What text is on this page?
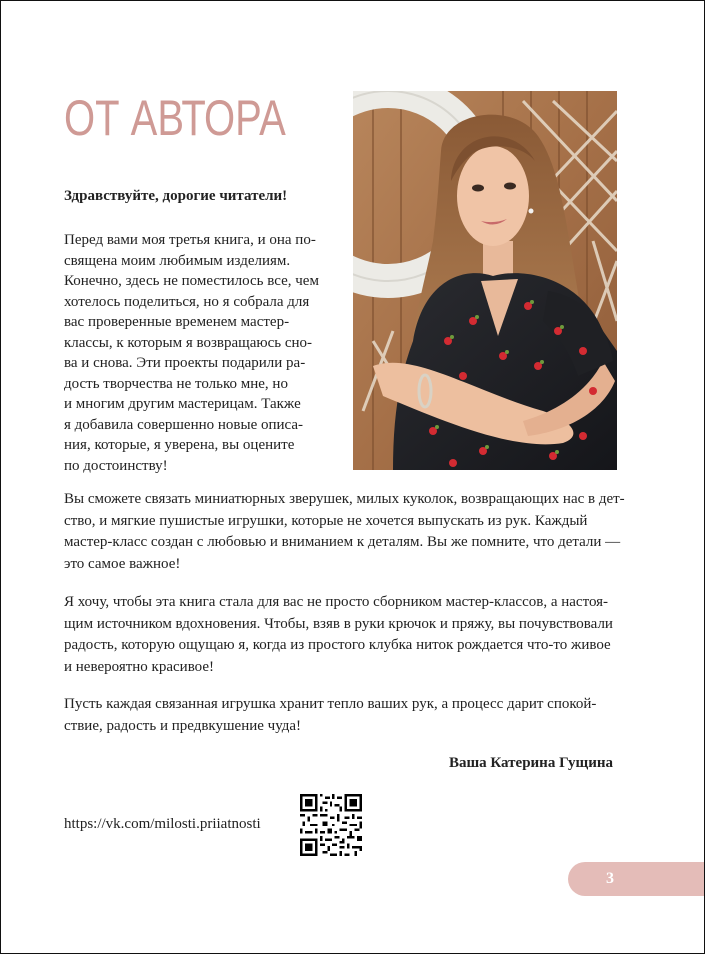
ОТ АВТОРА
Здравствуйте, дорогие читатели!
Перед вами моя третья книга, и она по-
священа моим любимым изделиям.
Конечно, здесь не поместилось все, чем
хотелось поделиться, но я собрала для
вас проверенные временем мастер-
классы, к которым я возвращаюсь сно-
ва и снова. Эти проекты подарили ра-
дость творчества не только мне, но
и многим другим мастерицам. Также
я добавила совершенно новые описа-
ния, которые, я уверена, вы оцените
по достоинству!
Вы сможете связать миниатюрных зверушек, милых куколок, возвращающих нас в дет-
ство, и мягкие пушистые игрушки, которые не хочется выпускать из рук. Каждый
мастер-класс создан с любовью и вниманием к деталям. Вы же помните, что детали —
это самое важное!
Я хочу, чтобы эта книга стала для вас не просто сборником мастер-классов, а настоя-
щим источником вдохновения. Чтобы, взяв в руки крючок и пряжу, вы почувствовали
радость, которую ощущаю я, когда из простого клубка ниток рождается что-то живое
и невероятно красивое!
Пусть каждая связанная игрушка хранит тепло ваших рук, а процесс дарит спокой-
ствие, радость и предвкушение чуда!
Ваша Катерина Гущина
https://vk.com/milosti.priiatnosti
3
